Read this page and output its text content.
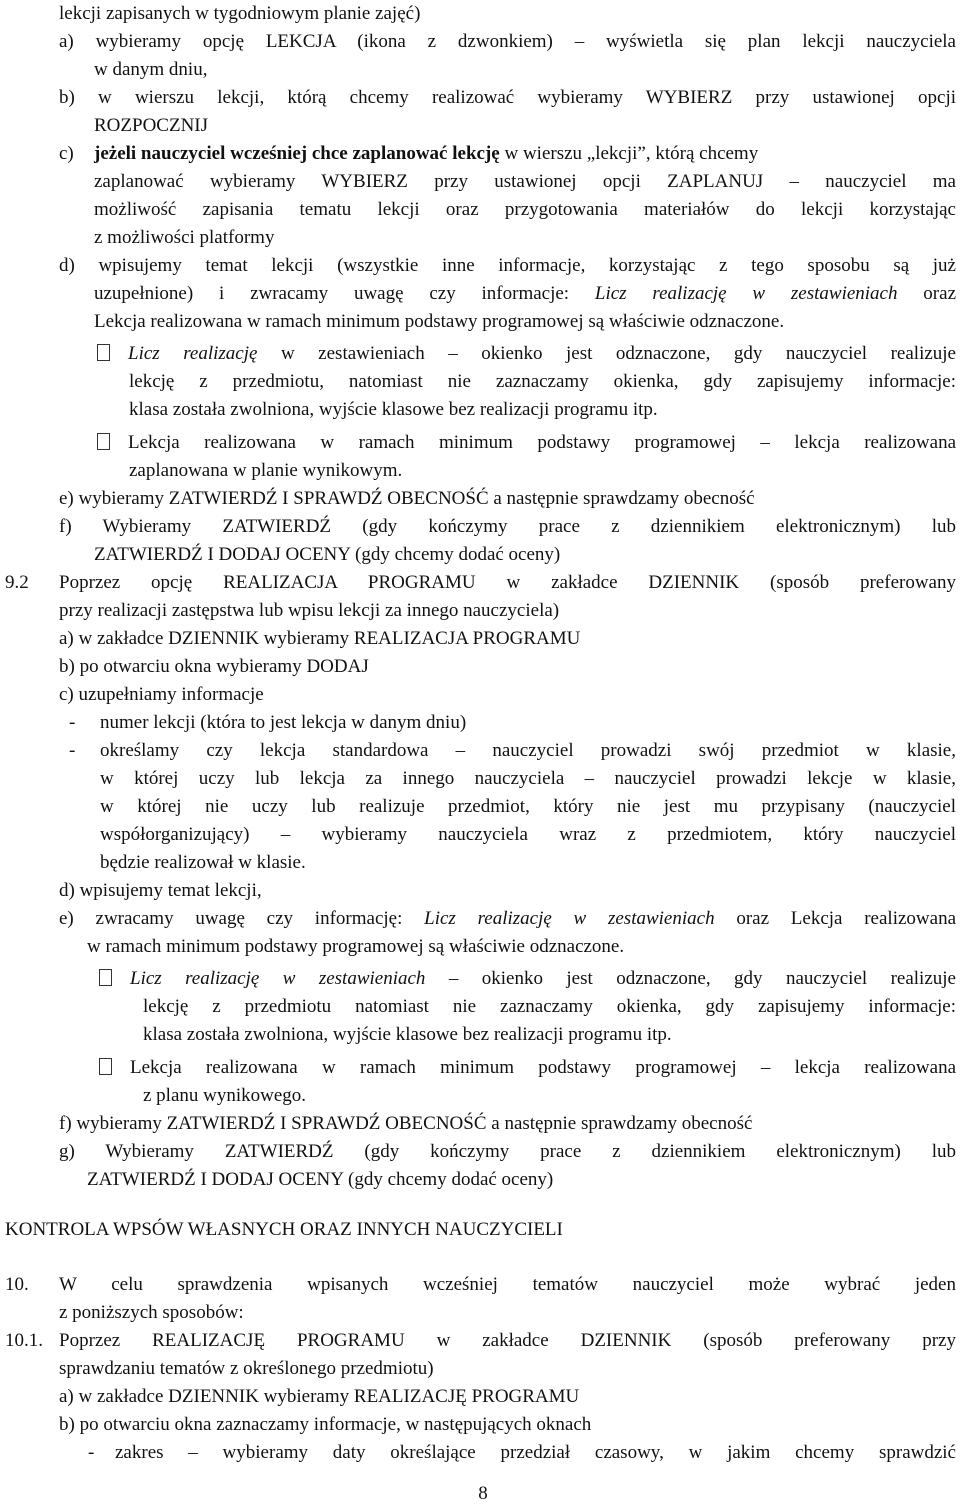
lekcji zapisanych w tygodniowym planie zajęć)
a) wybieramy opcję LEKCJA (ikona z dzwonkiem) – wyświetla się plan lekcji nauczyciela
w danym dniu,
b) w wierszu lekcji, którą chcemy realizować wybieramy WYBIERZ przy ustawionej opcji
ROZPOCZNIJ
c) jeżeli nauczyciel wcześniej chce zaplanować lekcję w wierszu „lekcji”, którą chcemy
zaplanować wybieramy WYBIERZ przy ustawionej opcji ZAPLANUJ – nauczyciel ma
możliwość zapisania tematu lekcji oraz przygotowania materiałów do lekcji korzystając
z możliwości platformy
d) wpisujemy temat lekcji (wszystkie inne informacje, korzystając z tego sposobu są już
uzupełnione) i zwracamy uwagę czy informacje: Licz realizację w zestawieniach oraz
Lekcja realizowana w ramach minimum podstawy programowej są właściwie odznaczone.
Licz realizację w zestawieniach – okienko jest odznaczone, gdy nauczyciel realizuje
lekcję z przedmiotu, natomiast nie zaznaczamy okienka, gdy zapisujemy informacje:
klasa została zwolniona, wyjście klasowe bez realizacji programu itp.
Lekcja realizowana w ramach minimum podstawy programowej – lekcja realizowana
zaplanowana w planie wynikowym.
e) wybieramy ZATWIERDŹ I SPRAWDŹ OBECNOŚĆ a następnie sprawdzamy obecność
f) Wybieramy ZATWIERDŹ (gdy kończymy prace z dziennikiem elektronicznym) lub
ZATWIERDŹ I DODAJ OCENY (gdy chcemy dodać oceny)
9.2 Poprzez opcję REALIZACJA PROGRAMU w zakładce DZIENNIK (sposób preferowany
przy realizacji zastępstwa lub wpisu lekcji za innego nauczyciela)
a) w zakładce DZIENNIK wybieramy REALIZACJA PROGRAMU
b) po otwarciu okna wybieramy DODAJ
c) uzupełniamy informacje
- numer lekcji (która to jest lekcja w danym dniu)
- określamy czy lekcja standardowa – nauczyciel prowadzi swój przedmiot w klasie,
w której uczy lub lekcja za innego nauczyciela – nauczyciel prowadzi lekcje w klasie,
w której nie uczy lub realizuje przedmiot, który nie jest mu przypisany (nauczyciel
współorganizujący) – wybieramy nauczyciela wraz z przedmiotem, który nauczyciel
będzie realizował w klasie.
d) wpisujemy temat lekcji,
e) zwracamy uwagę czy informację: Licz realizację w zestawieniach oraz Lekcja realizowana
w ramach minimum podstawy programowej są właściwie odznaczone.
Licz realizację w zestawieniach – okienko jest odznaczone, gdy nauczyciel realizuje
lekcję z przedmiotu natomiast nie zaznaczamy okienka, gdy zapisujemy informacje:
klasa została zwolniona, wyjście klasowe bez realizacji programu itp.
Lekcja realizowana w ramach minimum podstawy programowej – lekcja realizowana
z planu wynikowego.
f) wybieramy ZATWIERDŹ I SPRAWDŹ OBECNOŚĆ a następnie sprawdzamy obecność
g) Wybieramy ZATWIERDŹ (gdy kończymy prace z dziennikiem elektronicznym) lub
ZATWIERDŹ I DODAJ OCENY (gdy chcemy dodać oceny)
KONTROLA WPSÓW WŁASNYCH ORAZ INNYCH NAUCZYCIELI
10. W celu sprawdzenia wpisanych wcześniej tematów nauczyciel może wybrać jeden
z poniższych sposobów:
10.1. Poprzez REALIZACJĘ PROGRAMU w zakładce DZIENNIK (sposób preferowany przy
sprawdzaniu tematów z określonego przedmiotu)
a) w zakładce DZIENNIK wybieramy REALIZACJĘ PROGRAMU
b) po otwarciu okna zaznaczamy informacje, w następujących oknach
- zakres – wybieramy daty określające przedział czasowy, w jakim chcemy sprawdzić
8
